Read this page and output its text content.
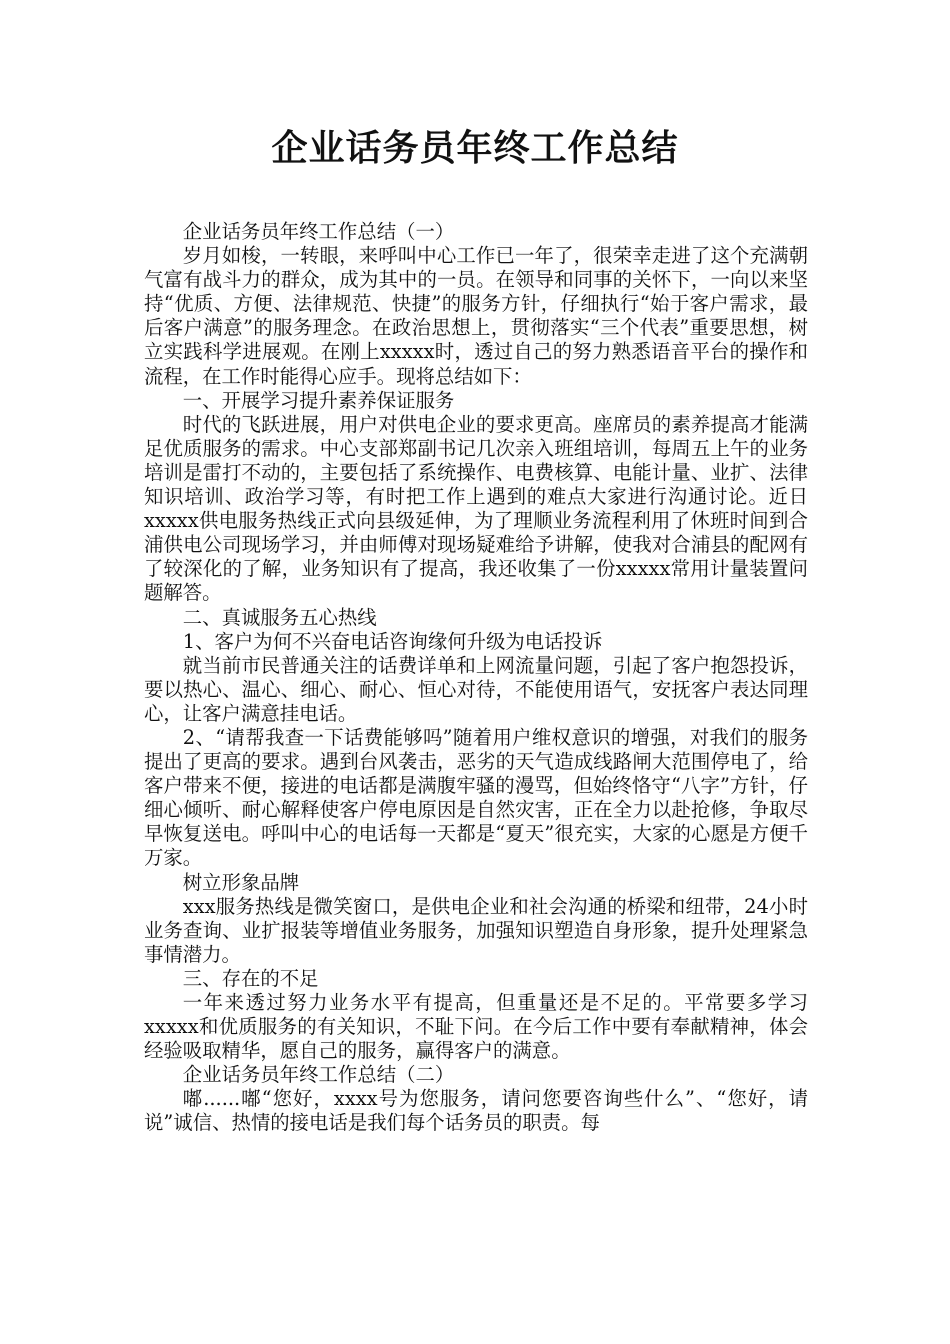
企业话务员年终工作总结

企业话务员年终工作总结（一）

岁月如梭，一转眼，来呼叫中心工作已一年了，很荣幸走进了这个充满朝气富有战斗力的群众，成为其中的一员。在领导和同事的关怀下，一向以来坚持“优质、方便、法律规范、快捷”的服务方针，仔细执行“始于客户需求，最后客户满意”的服务理念。在政治思想上，贯彻落实“三个代表”重要思想，树立实践科学进展观。在刚上xxxxx时，透过自己的努力熟悉语音平台的操作和流程，在工作时能得心应手。现将总结如下：

一、开展学习提升素养保证服务

时代的飞跃进展，用户对供电企业的要求更高。座席员的素养提高才能满足优质服务的需求。中心支部郑副书记几次亲入班组培训，每周五上午的业务培训是雷打不动的，主要包括了系统操作、电费核算、电能计量、业扩、法律知识培训、政治学习等，有时把工作上遇到的难点大家进行沟通讨论。近日xxxxx供电服务热线正式向县级延伸，为了理顺业务流程利用了休班时间到合浦供电公司现场学习，并由师傅对现场疑难给予讲解，使我对合浦县的配网有了较深化的了解，业务知识有了提高，我还收集了一份xxxxx常用计量装置问题解答。

二、真诚服务五心热线

1、客户为何不兴奋电话咨询缘何升级为电话投诉

就当前市民普通关注的话费详单和上网流量问题，引起了客户抱怨投诉，要以热心、温心、细心、耐心、恒心对待，不能使用语气，安抚客户表达同理心，让客户满意挂电话。

2、“请帮我查一下话费能够吗”随着用户维权意识的增强，对我们的服务提出了更高的要求。遇到台风袭击，恶劣的天气造成线路闸大范围停电了，给客户带来不便，接进的电话都是满腹牢骚的漫骂，但始终恪守“八字”方针，仔细心倾听、耐心解释使客户停电原因是自然灾害，正在全力以赴抢修，争取尽早恢复送电。呼叫中心的电话每一天都是“夏天”很充实，大家的心愿是方便千万家。

树立形象品牌

xxx服务热线是微笑窗口，是供电企业和社会沟通的桥梁和纽带，24小时业务查询、业扩报装等增值业务服务，加强知识塑造自身形象，提升处理紧急事情潜力。

三、存在的不足

一年来透过努力业务水平有提高，但重量还是不足的。平常要多学习xxxxx和优质服务的有关知识，不耻下问。在今后工作中要有奉献精神，体会经验吸取精华，愿自己的服务，赢得客户的满意。

企业话务员年终工作总结（二）

嘟......嘟“您好，xxxx号为您服务，请问您要咨询些什么”、“您好，请说”诚信、热情的接电话是我们每个话务员的职责。每
